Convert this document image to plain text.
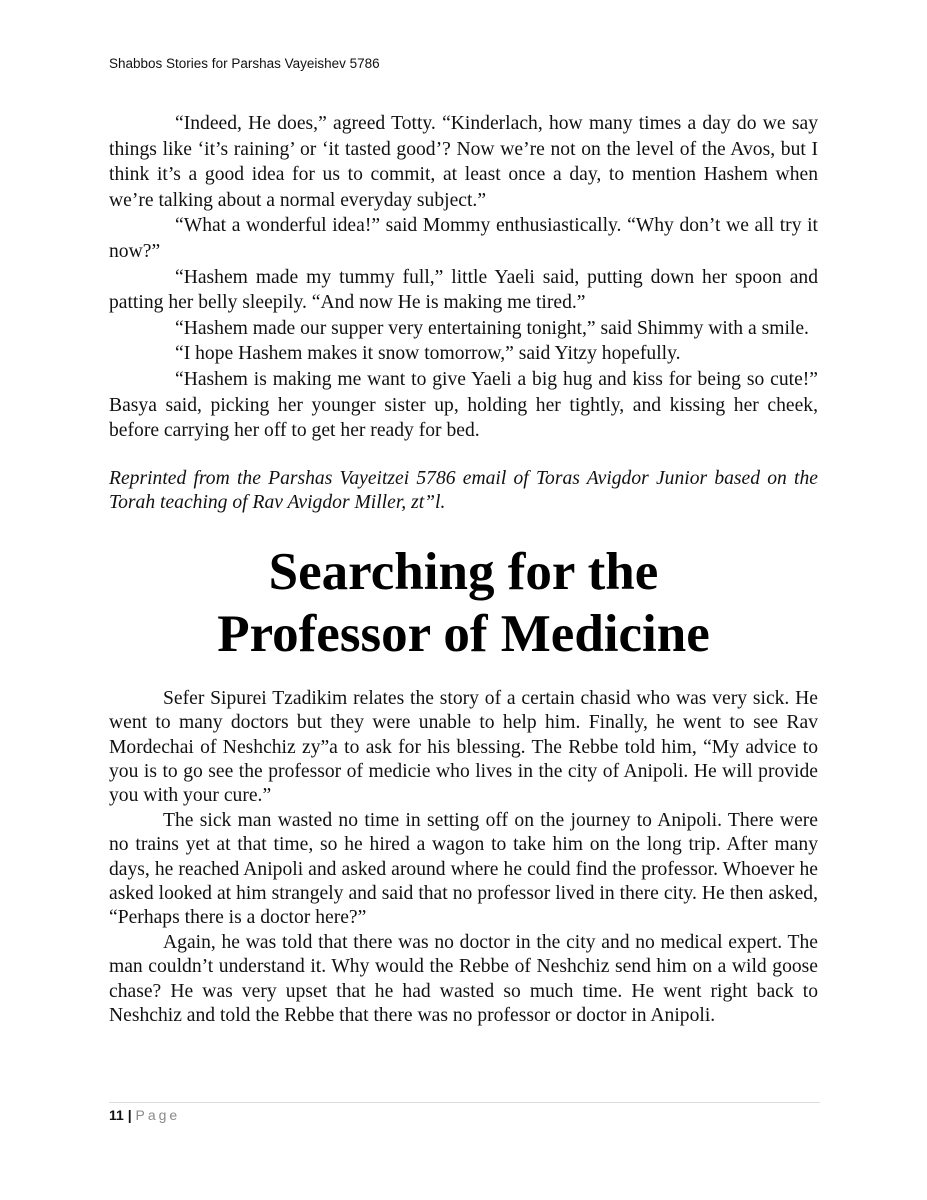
Shabbos Stories for Parshas Vayeishev 5786

“Indeed, He does,” agreed Totty. “Kinderlach, how many times a day do we say things like ‘it’s raining’ or ‘it tasted good’? Now we’re not on the level of the Avos, but I think it’s a good idea for us to commit, at least once a day, to mention Hashem when we’re talking about a normal everyday subject.”

“What a wonderful idea!” said Mommy enthusiastically. “Why don’t we all try it now?”

“Hashem made my tummy full,” little Yaeli said, putting down her spoon and patting her belly sleepily. “And now He is making me tired.”

“Hashem made our supper very entertaining tonight,” said Shimmy with a smile.

“I hope Hashem makes it snow tomorrow,” said Yitzy hopefully.

“Hashem is making me want to give Yaeli a big hug and kiss for being so cute!” Basya said, picking her younger sister up, holding her tightly, and kissing her cheek, before carrying her off to get her ready for bed.

Reprinted from the Parshas Vayeitzei 5786 email of Toras Avigdor Junior based on the Torah teaching of Rav Avigdor Miller, zt”l.

Searching for the
Professor of Medicine

Sefer Sipurei Tzadikim relates the story of a certain chasid who was very sick. He went to many doctors but they were unable to help him. Finally, he went to see Rav Mordechai of Neshchiz zy”a to ask for his blessing. The Rebbe told him, “My advice to you is to go see the professor of medicie who lives in the city of Anipoli. He will provide you with your cure.”

The sick man wasted no time in setting off on the journey to Anipoli. There were no trains yet at that time, so he hired a wagon to take him on the long trip. After many days, he reached Anipoli and asked around where he could find the professor. Whoever he asked looked at him strangely and said that no professor lived in there city. He then asked, “Perhaps there is a doctor here?”

Again, he was told that there was no doctor in the city and no medical expert. The man couldn’t understand it. Why would the Rebbe of Neshchiz send him on a wild goose chase? He was very upset that he had wasted so much time. He went right back to Neshchiz and told the Rebbe that there was no professor or doctor in Anipoli.

11 | Page
